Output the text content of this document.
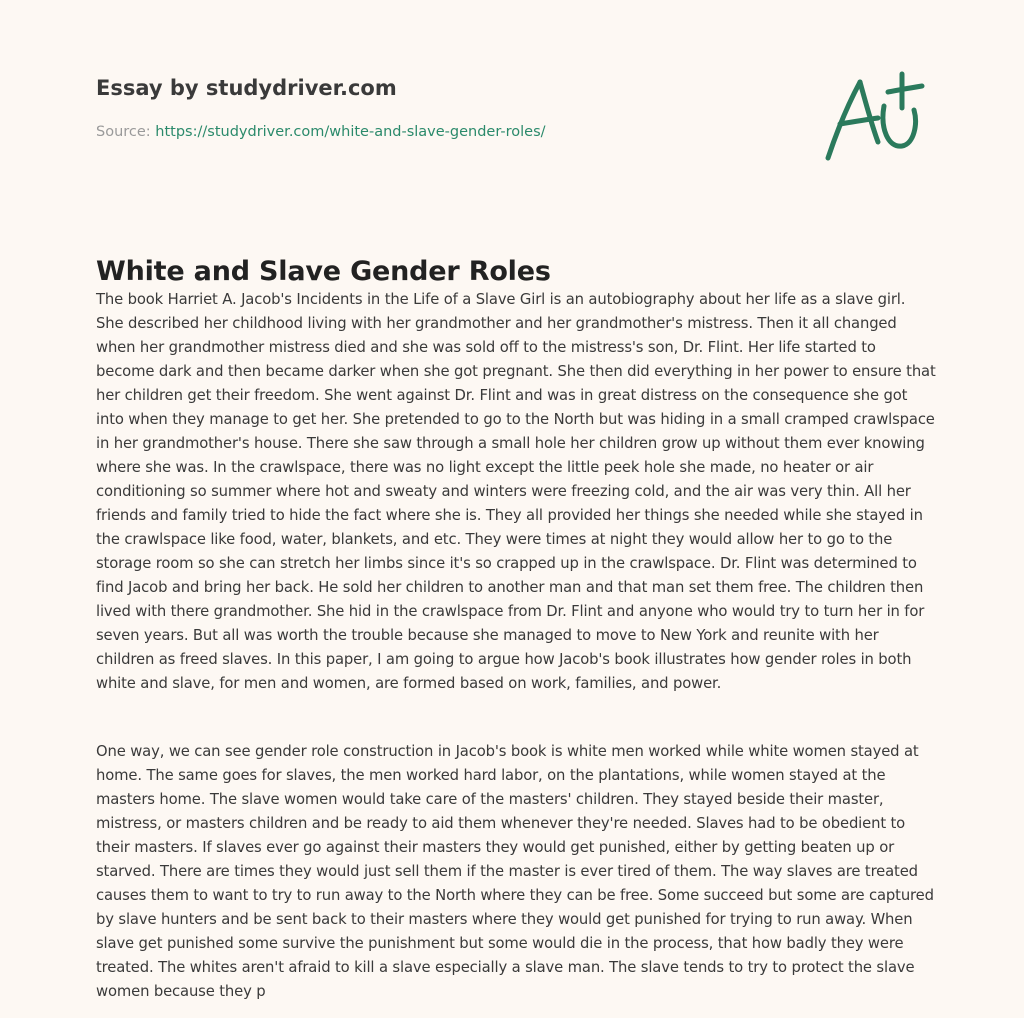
Essay by studydriver.com
Source: https://studydriver.com/white-and-slave-gender-roles/
White and Slave Gender Roles

The book Harriet A. Jacob's Incidents in the Life of a Slave Girl is an autobiography about her life as a slave girl. She described her childhood living with her grandmother and her grandmother's mistress. Then it all changed when her grandmother mistress died and she was sold off to the mistress's son, Dr. Flint. Her life started to become dark and then became darker when she got pregnant. She then did everything in her power to ensure that her children get their freedom. She went against Dr. Flint and was in great distress on the consequence she got into when they manage to get her. She pretended to go to the North but was hiding in a small cramped crawlspace in her grandmother's house. There she saw through a small hole her children grow up without them ever knowing where she was. In the crawlspace, there was no light except the little peek hole she made, no heater or air conditioning so summer where hot and sweaty and winters were freezing cold, and the air was very thin. All her friends and family tried to hide the fact where she is. They all provided her things she needed while she stayed in the crawlspace like food, water, blankets, and etc. They were times at night they would allow her to go to the storage room so she can stretch her limbs since it's so crapped up in the crawlspace. Dr. Flint was determined to find Jacob and bring her back. He sold her children to another man and that man set them free. The children then lived with there grandmother. She hid in the crawlspace from Dr. Flint and anyone who would try to turn her in for seven years. But all was worth the trouble because she managed to move to New York and reunite with her children as freed slaves. In this paper, I am going to argue how Jacob's book illustrates how gender roles in both white and slave, for men and women, are formed based on work, families, and power.

One way, we can see gender role construction in Jacob's book is white men worked while white women stayed at home. The same goes for slaves, the men worked hard labor, on the plantations, while women stayed at the masters home. The slave women would take care of the masters' children. They stayed beside their master, mistress, or masters children and be ready to aid them whenever they're needed. Slaves had to be obedient to their masters. If slaves ever go against their masters they would get punished, either by getting beaten up or starved. There are times they would just sell them if the master is ever tired of them. The way slaves are treated causes them to want to try to run away to the North where they can be free. Some succeed but some are captured by slave hunters and be sent back to their masters where they would get punished for trying to run away. When slave get punished some survive the punishment but some would die in the process, that how badly they were treated. The whites aren't afraid to kill a slave especially a slave man. The slave tends to try to protect the slave women because they p
